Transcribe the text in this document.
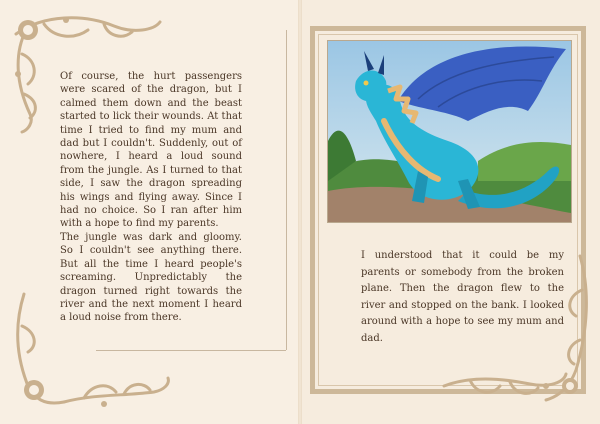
Of course, the hurt passengers were scared of the dragon, but I calmed them down and the beast started to lick their wounds. At that time I tried to find my mum and dad but I couldn't. Suddenly, out of nowhere, I heard a loud sound from the jungle. As I turned to that side, I saw the dragon spreading his wings and flying away. Since I had no choice. So I ran after him with a hope to find my parents.

The jungle was dark and gloomy. So I couldn't see anything there. But all the time I heard people's screaming. Unpredictably the dragon turned right towards the river and the next moment I heard a loud noise from there.

I understood that it could be my parents or somebody from the broken plane. Then the dragon flew to the river and stopped on the bank. I looked around with a hope to see my mum and dad.
